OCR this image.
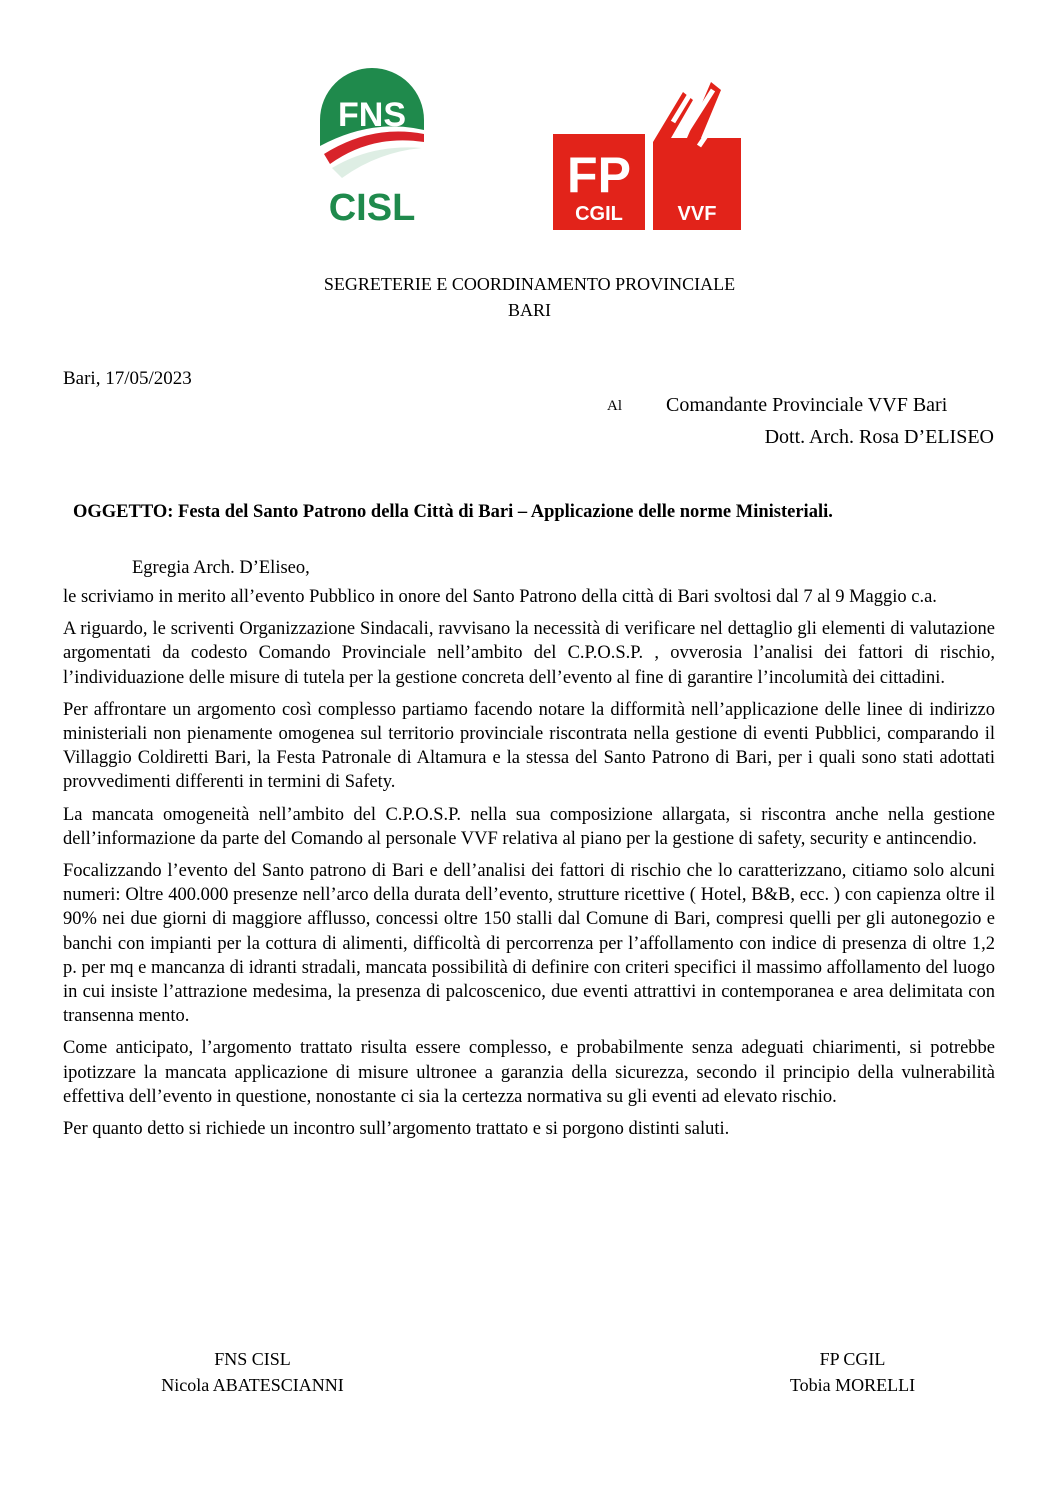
FNS
CISL
FP
CGIL	VVF
SEGRETERIE E COORDINAMENTO PROVINCIALE
BARI
Bari, 17/05/2023
Al Comandante Provinciale VVF Bari
Dott. Arch. Rosa D’ELISEO
OGGETTO: Festa del Santo Patrono della Città di Bari – Applicazione delle norme Ministeriali.
Egregia Arch. D’Eliseo,

le scriviamo in merito all’evento Pubblico in onore del Santo Patrono della città di Bari svoltosi dal 7 al 9 Maggio c.a.

A riguardo, le scriventi Organizzazione Sindacali, ravvisano la necessità di verificare nel dettaglio gli elementi di valutazione argomentati da codesto Comando Provinciale nell’ambito del C.P.O.S.P. , ovverosia l’analisi dei fattori di rischio, l’individuazione delle misure di tutela per la gestione concreta dell’evento al fine di garantire l’incolumità dei cittadini.

Per affrontare un argomento così complesso partiamo facendo notare la difformità nell’applicazione delle linee di indirizzo ministeriali non pienamente omogenea sul territorio provinciale riscontrata nella gestione di eventi Pubblici, comparando il Villaggio Coldiretti Bari, la Festa Patronale di Altamura e la stessa del Santo Patrono di Bari, per i quali sono stati adottati provvedimenti differenti in termini di Safety.

La mancata omogeneità nell’ambito del C.P.O.S.P. nella sua composizione allargata, si riscontra anche nella gestione dell’informazione da parte del Comando al personale VVF relativa al piano per la gestione di safety, security e antincendio.

Focalizzando l’evento del Santo patrono di Bari e dell’analisi dei fattori di rischio che lo caratterizzano, citiamo solo alcuni numeri: Oltre 400.000 presenze nell’arco della durata dell’evento, strutture ricettive ( Hotel, B&B, ecc. ) con capienza oltre il 90% nei due giorni di maggiore afflusso, concessi oltre 150 stalli dal Comune di Bari, compresi quelli per gli autonegozio e banchi con impianti per la cottura di alimenti, difficoltà di percorrenza per l’affollamento con indice di presenza di oltre 1,2 p. per mq e mancanza di idranti stradali, mancata possibilità di definire con criteri specifici il massimo affollamento del luogo in cui insiste l’attrazione medesima, la presenza di palcoscenico, due eventi attrattivi in contemporanea e area delimitata con transenna mento.

Come anticipato, l’argomento trattato risulta essere complesso, e probabilmente senza adeguati chiarimenti, si potrebbe ipotizzare la mancata applicazione di misure ultronee a garanzia della sicurezza, secondo il principio della vulnerabilità effettiva dell’evento in questione, nonostante ci sia la certezza normativa su gli eventi ad elevato rischio.

Per quanto detto si richiede un incontro sull’argomento trattato e si porgono distinti saluti.

FNS CISL
Nicola ABATESCIANNI
FP CGIL
Tobia MORELLI
